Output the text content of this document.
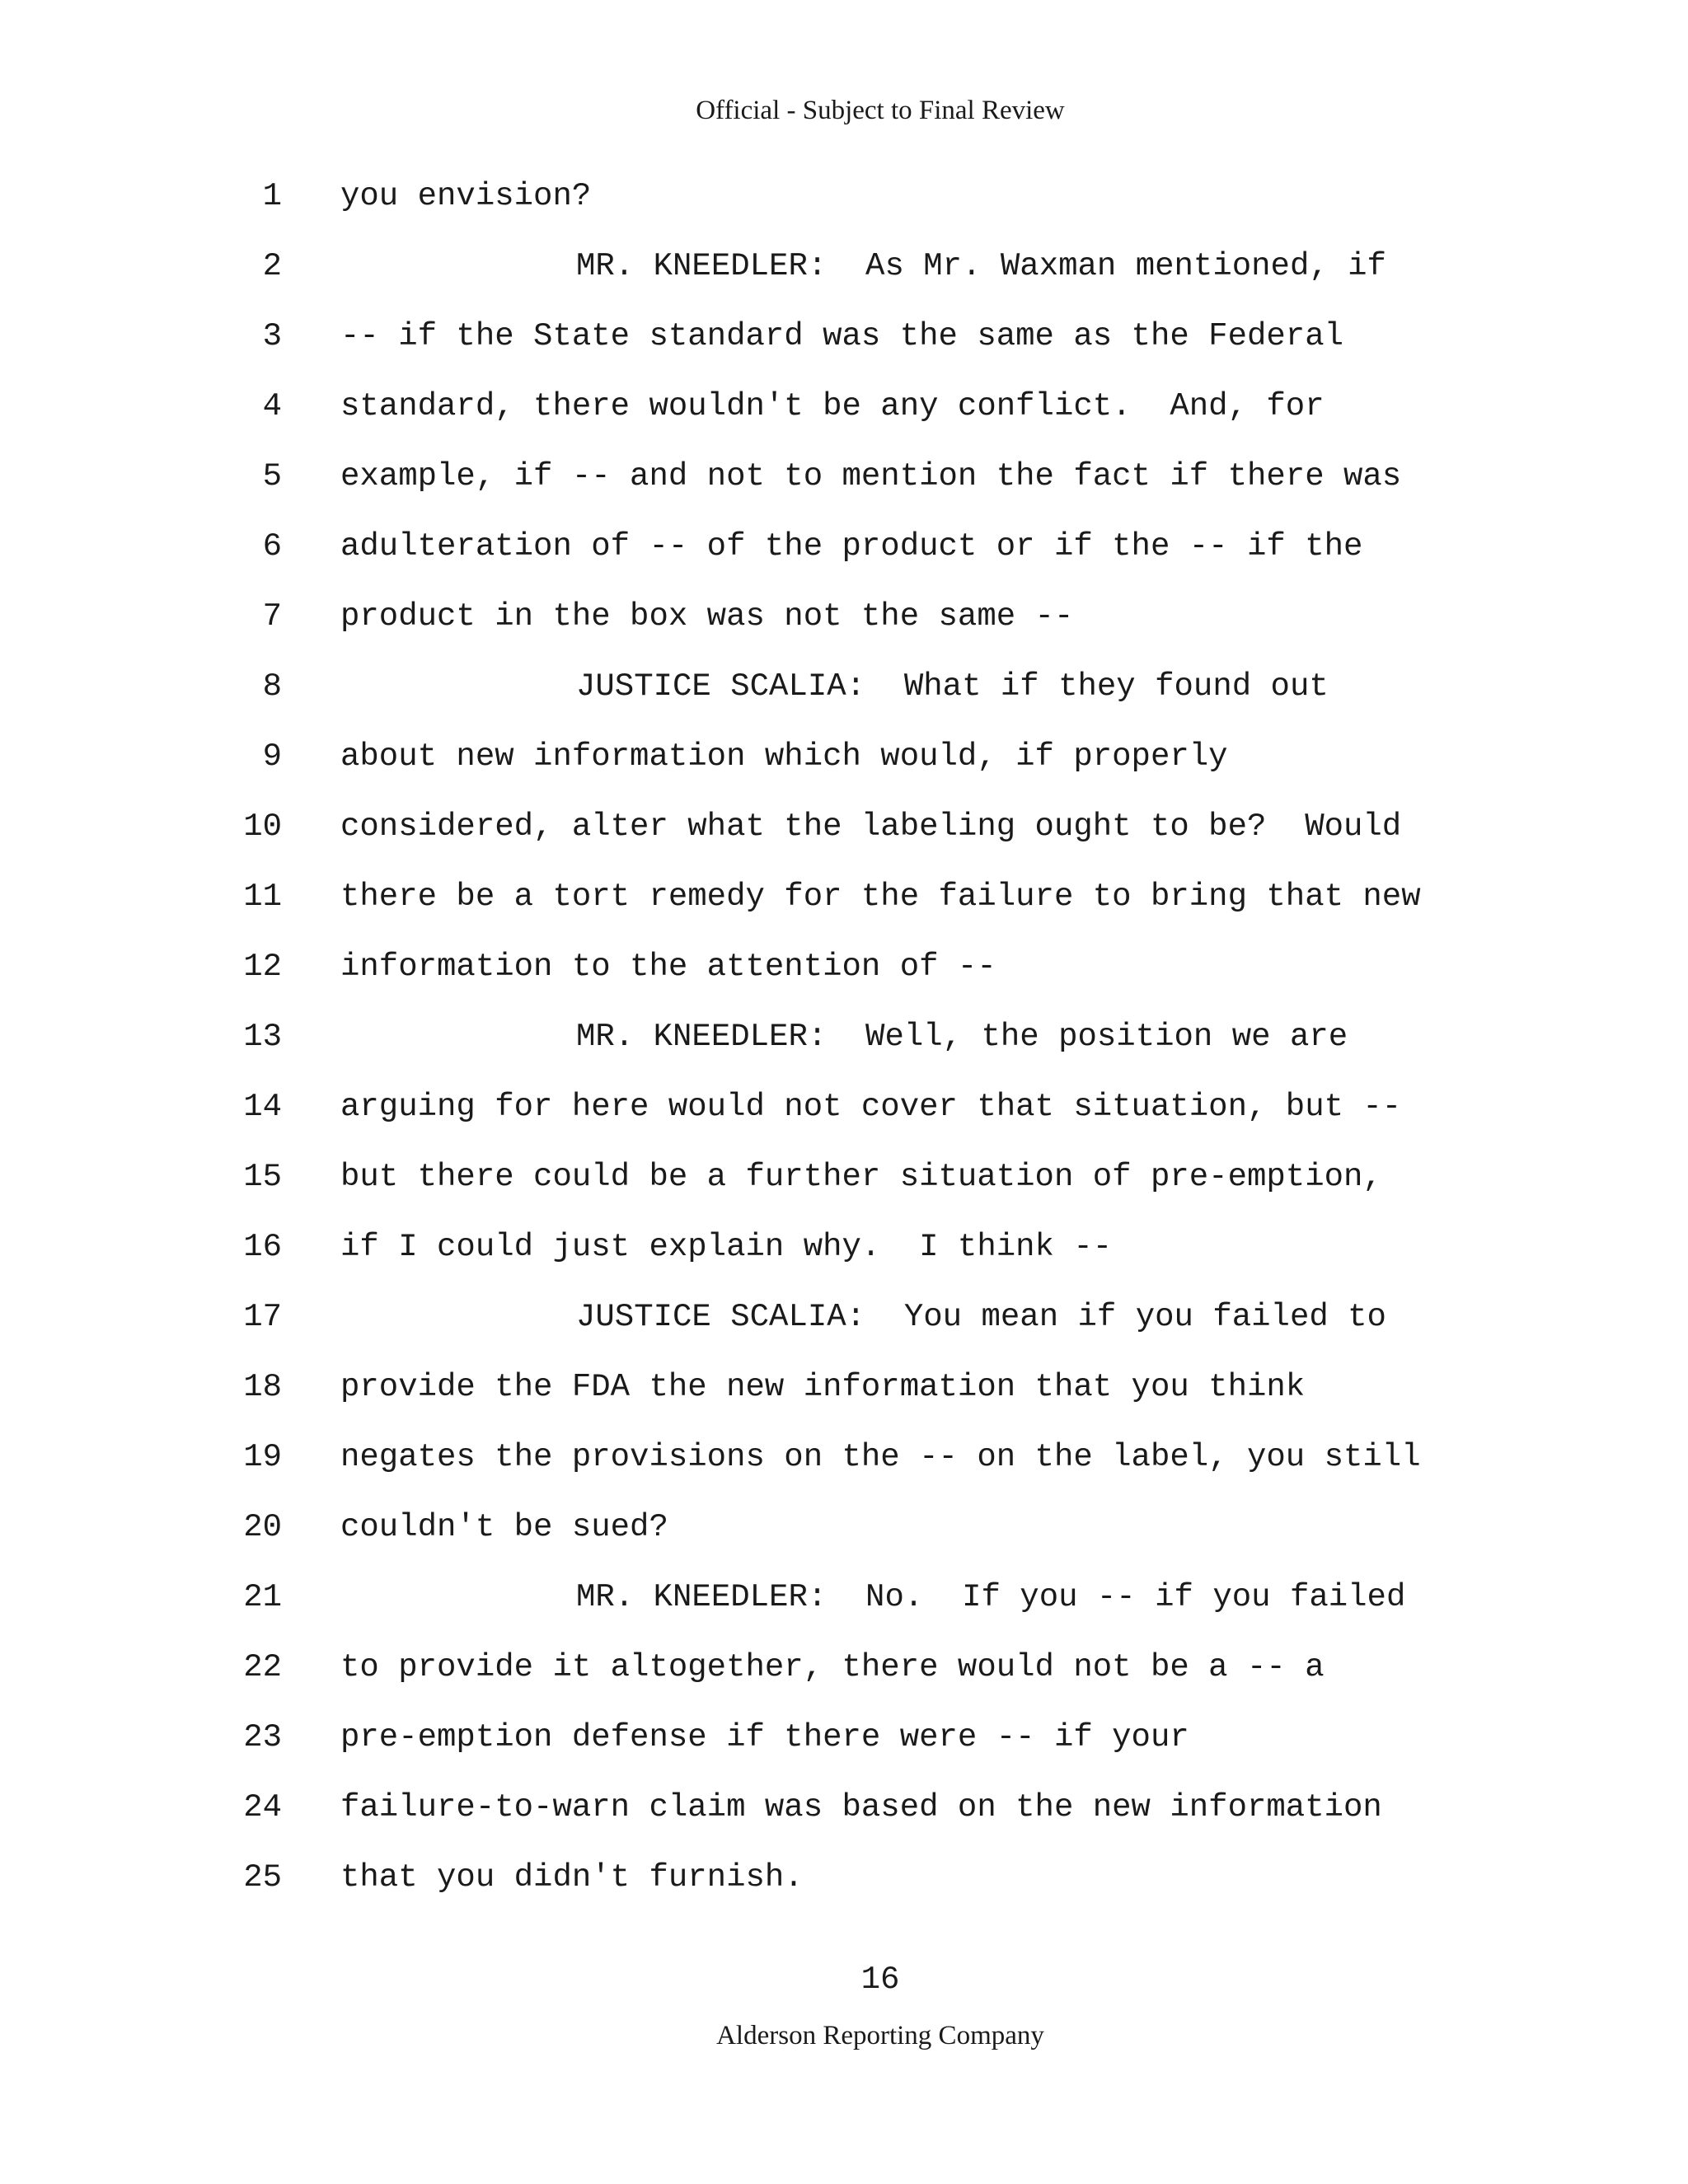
Official - Subject to Final Review
1 you envision?
2	MR. KNEEDLER:  As Mr. Waxman mentioned, if
3 -- if the State standard was the same as the Federal
4 standard, there wouldn't be any conflict.  And, for
5 example, if -- and not to mention the fact if there was
6 adulteration of -- of the product or if the -- if the
7 product in the box was not the same --
8	JUSTICE SCALIA:  What if they found out
9 about new information which would, if properly
10 considered, alter what the labeling ought to be?  Would
11 there be a tort remedy for the failure to bring that new
12 information to the attention of --
13	MR. KNEEDLER:  Well, the position we are
14 arguing for here would not cover that situation, but --
15 but there could be a further situation of pre-emption,
16 if I could just explain why.  I think --
17	JUSTICE SCALIA:  You mean if you failed to
18 provide the FDA the new information that you think
19 negates the provisions on the -- on the label, you still
20 couldn't be sued?
21	MR. KNEEDLER:  No.  If you -- if you failed
22 to provide it altogether, there would not be a -- a
23 pre-emption defense if there were -- if your
24 failure-to-warn claim was based on the new information
25 that you didn't furnish.
16
Alderson Reporting Company
